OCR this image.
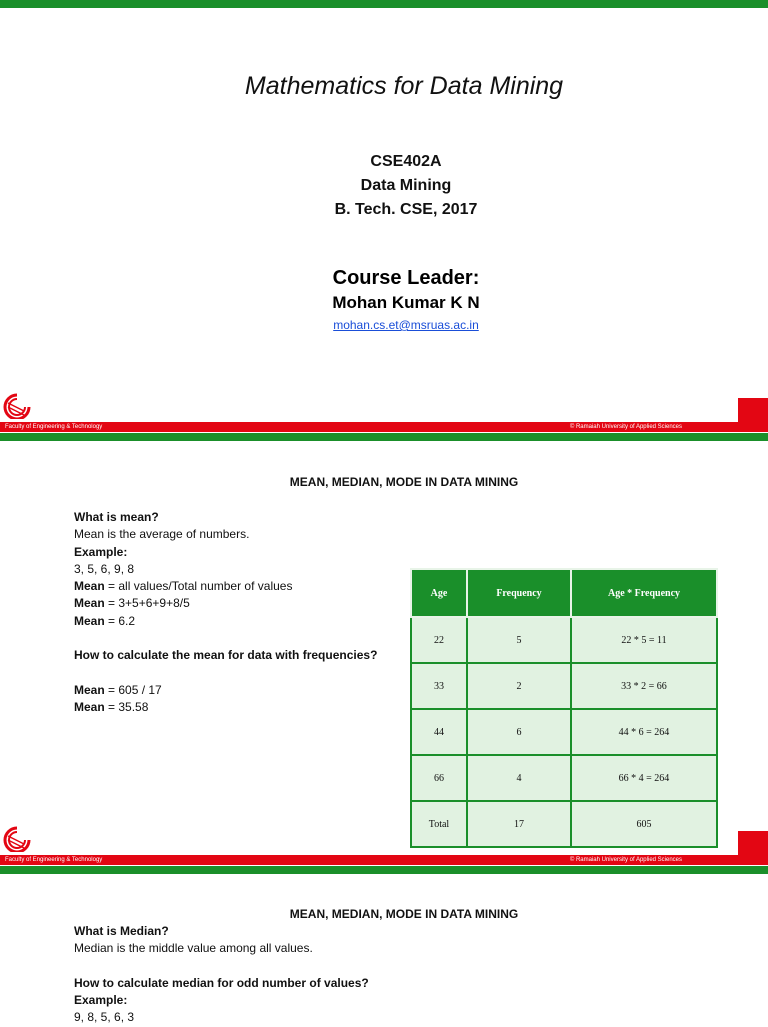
Mathematics for Data Mining
CSE402A
Data Mining
B. Tech. CSE, 2017
Course Leader:
Mohan Kumar K N
mohan.cs.et@msruas.ac.in
Faculty of Engineering & Technology	© Ramaiah University of Applied Sciences
MEAN, MEDIAN, MODE IN DATA MINING

What is mean?

Mean is the average of numbers.

Example:

3, 5, 6, 9, 8

Mean = all values/Total number of values

Mean = 3+5+6+9+8/5

Mean = 6.2

How to calculate the mean for data with frequencies?

Mean = 605 / 17

Mean = 35.58

Age	Frequency	Age * Frequency
22	5	22 * 5 = 11
33	2	33 * 2 = 66
44	6	44 * 6 = 264
66	4	66 * 4 = 264
Total	17	605
Faculty of Engineering & Technology	© Ramaiah University of Applied Sciences
MEAN, MEDIAN, MODE IN DATA MINING

What is Median?

Median is the middle value among all values.

How to calculate median for odd number of values?

Example:

9, 8, 5, 6, 3
